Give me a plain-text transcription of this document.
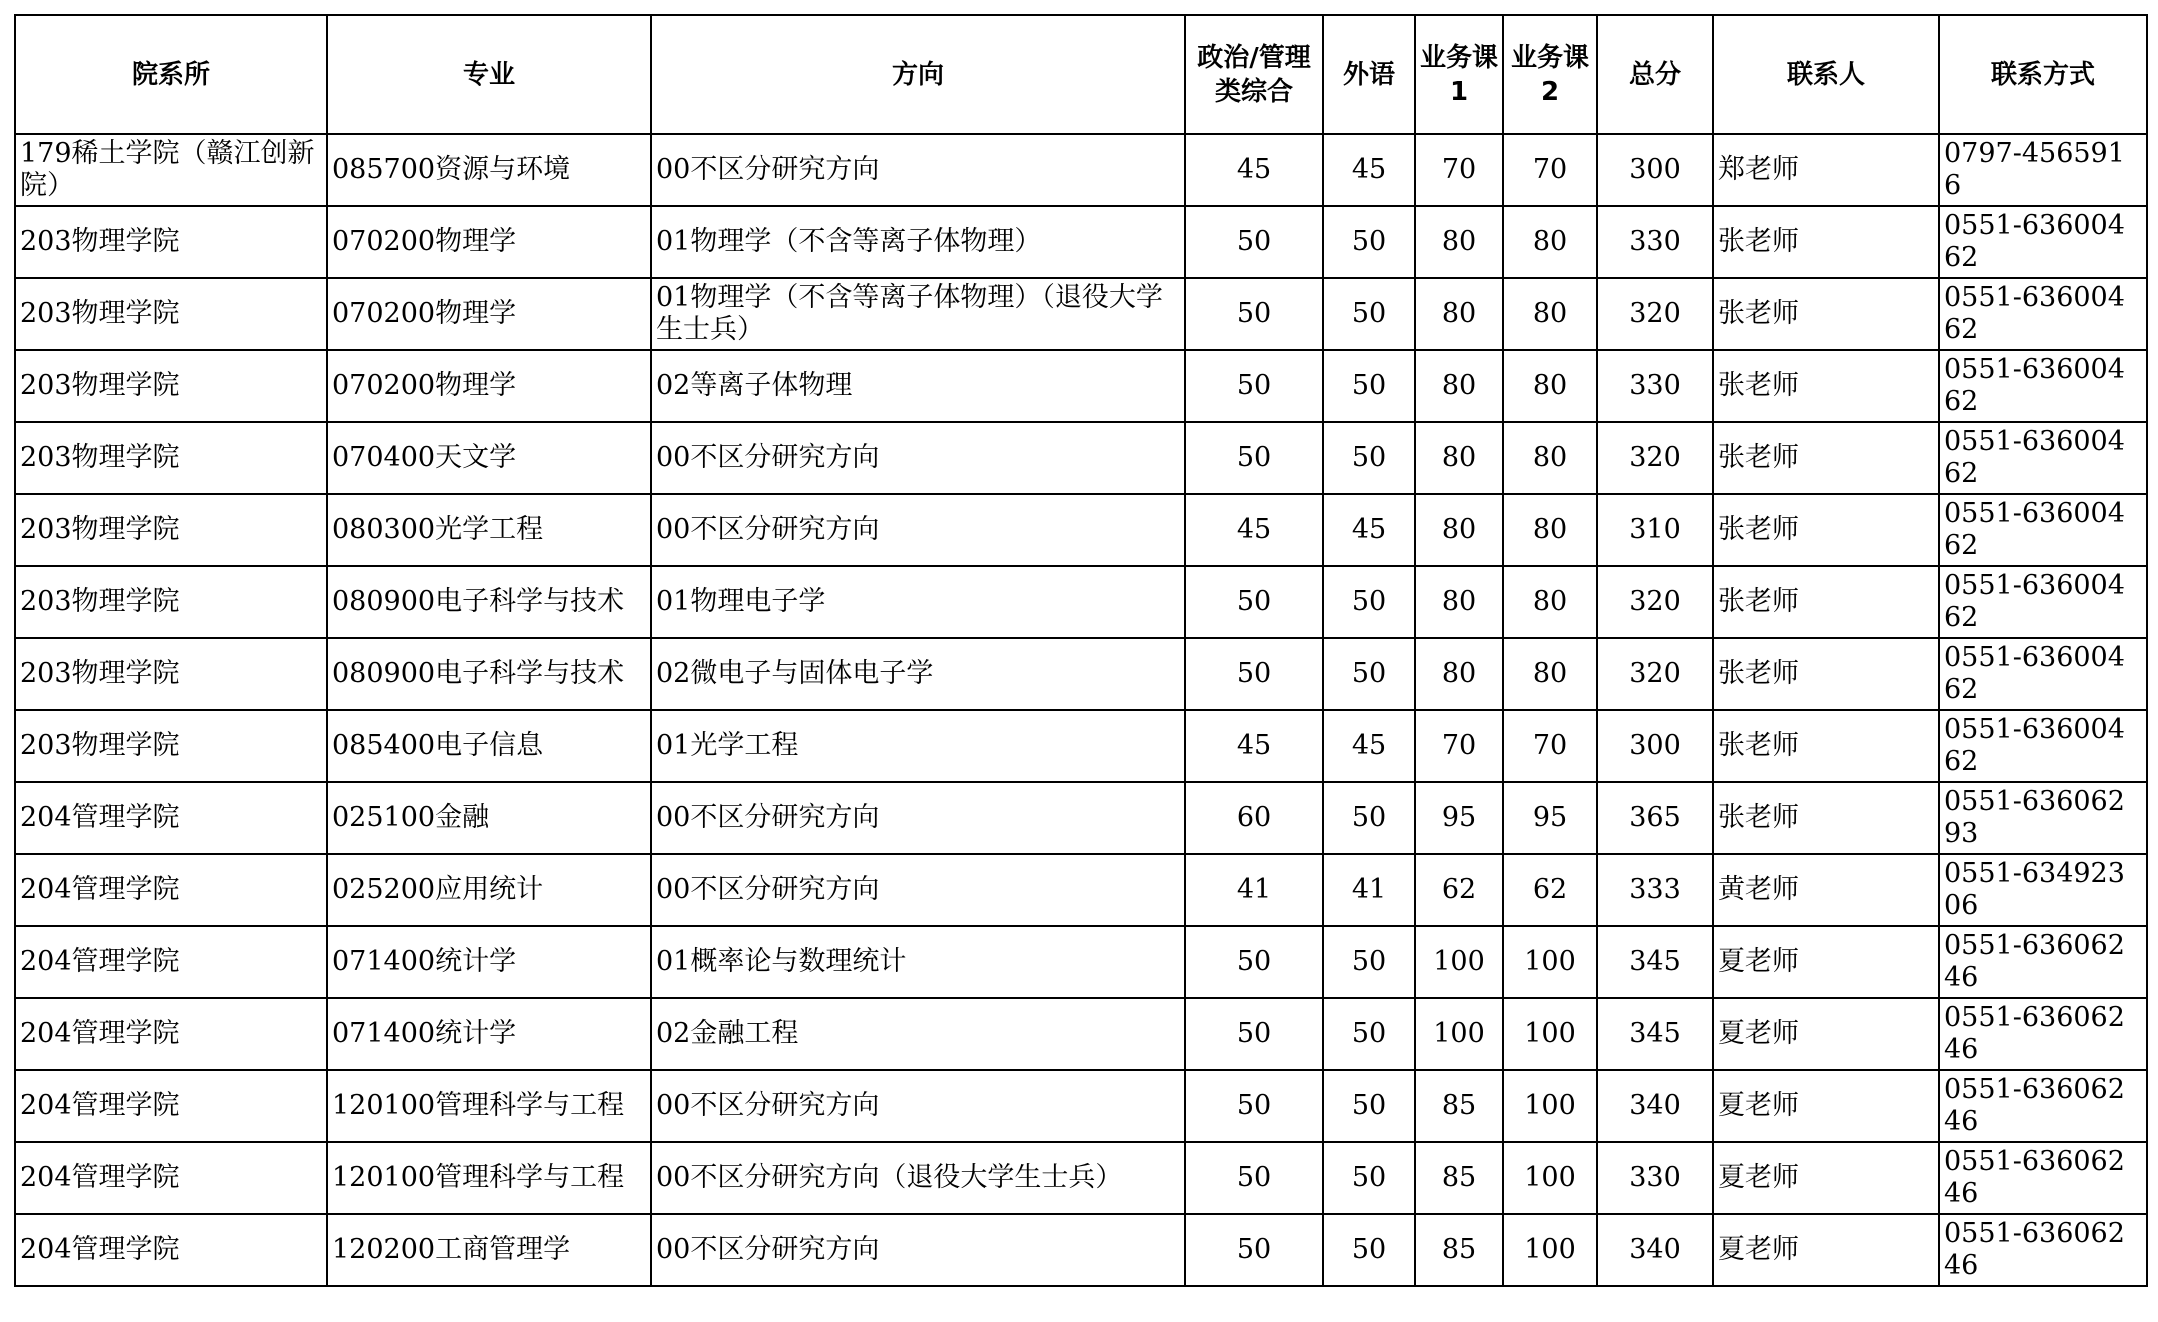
院系所	专业	方向	政治/管理类综合	外语	业务课1	业务课2	总分	联系人	联系方式
179稀土学院（赣江创新院）	085700资源与环境	00不区分研究方向	45	45	70	70	300	郑老师	0797-4565916
203物理学院	070200物理学	01物理学（不含等离子体物理）	50	50	80	80	330	张老师	0551-63600462
203物理学院	070200物理学	01物理学（不含等离子体物理）（退役大学生士兵）	50	50	80	80	320	张老师	0551-63600462
203物理学院	070200物理学	02等离子体物理	50	50	80	80	330	张老师	0551-63600462
203物理学院	070400天文学	00不区分研究方向	50	50	80	80	320	张老师	0551-63600462
203物理学院	080300光学工程	00不区分研究方向	45	45	80	80	310	张老师	0551-63600462
203物理学院	080900电子科学与技术	01物理电子学	50	50	80	80	320	张老师	0551-63600462
203物理学院	080900电子科学与技术	02微电子与固体电子学	50	50	80	80	320	张老师	0551-63600462
203物理学院	085400电子信息	01光学工程	45	45	70	70	300	张老师	0551-63600462
204管理学院	025100金融	00不区分研究方向	60	50	95	95	365	张老师	0551-63606293
204管理学院	025200应用统计	00不区分研究方向	41	41	62	62	333	黄老师	0551-63492306
204管理学院	071400统计学	01概率论与数理统计	50	50	100	100	345	夏老师	0551-63606246
204管理学院	071400统计学	02金融工程	50	50	100	100	345	夏老师	0551-63606246
204管理学院	120100管理科学与工程	00不区分研究方向	50	50	85	100	340	夏老师	0551-63606246
204管理学院	120100管理科学与工程	00不区分研究方向（退役大学生士兵）	50	50	85	100	330	夏老师	0551-63606246
204管理学院	120200工商管理学	00不区分研究方向	50	50	85	100	340	夏老师	0551-63606246
